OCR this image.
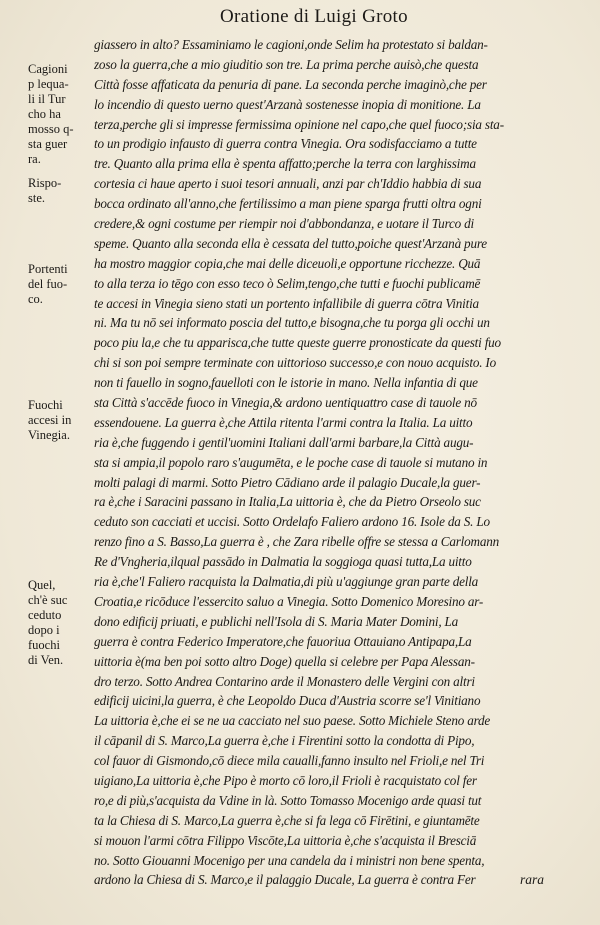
Oratione di Luigi Groto
Cagioni
p lequa-
li il Tur
cho ha
mosso q-
sta guer
ra.
Rispo-
ste.
Portenti
del fuo-
co.
Fuochi
accesi in
Vinegia.
Quel,
ch'è suc
ceduto
dopo i
fuochi
di Ven.
giassero in alto? Essaminiamo le cagioni,onde Selim ha protestato si baldan-
zoso la guerra,che a mio giuditio son tre. La prima perche auisò,che questa
Città fosse affaticata da penuria di pane. La seconda perche imaginò,che per
lo incendio di questo uerno quest'Arzanà sostenesse inopia di monitione. La
terza,perche gli si impresse fermissima opinione nel capo,che quel fuoco;sia sta-
to un prodigio infausto di guerra contra Vinegia. Ora sodisfacciamo a tutte
tre. Quanto alla prima ella è spenta affatto;perche la terra con larghissima
cortesia ci haue aperto i suoi tesori annuali, anzi par ch'Iddio habbia di sua
bocca ordinato all'anno,che fertilissimo a man piene sparga frutti oltra ogni
credere,& ogni costume per riempir noi d'abbondanza, e uotare il Turco di
speme. Quanto alla seconda ella è cessata del tutto,poiche quest'Arzanà pure
ha mostro maggior copia,che mai delle diceuoli,e opportune ricchezze. Quā
to alla terza io tēgo con esso teco ò Selim,tengo,che tutti e fuochi publicamē
te accesi in Vinegia sieno stati un portento infallibile di guerra cōtra Vinitia
ni. Ma tu nō sei informato poscia del tutto,e bisogna,che tu porga gli occhi un
poco piu la,e che tu apparisca,che tutte queste guerre pronosticate da questi fuo
chi si son poi sempre terminate con uittorioso successo,e con nouo acquisto. Io
non ti fauello in sogno,fauelloti con le istorie in mano. Nella infantia di que
sta Città s'accēde fuoco in Vinegia,& ardono uentiquattro case di tauole nō
essendouene. La guerra è,che Attila ritenta l'armi contra la Italia. La uitto
ria è,che fuggendo i gentil'uomini Italiani dall'armi barbare,la Città augu-
sta si ampia,il popolo raro s'augumēta, e le poche case di tauole si mutano in
molti palagi di marmi. Sotto Pietro Cādiano arde il palagio Ducale,la guer-
ra è,che i Saracini passano in Italia,La uittoria è, che da Pietro Orseolo suc
ceduto son cacciati et uccisi. Sotto Ordelafo Faliero ardono 16. Isole da S. Lo
renzo fino a S. Basso,La guerra è , che Zara ribelle offre se stessa a Carlomann
Re d'Vngheria,ilqual passādo in Dalmatia la soggioga quasi tutta,La uitto
ria è,che'l Faliero racquista la Dalmatia,di più u'aggiunge gran parte della
Croatia,e ricōduce l'essercito saluo a Vinegia. Sotto Domenico Moresino ar-
dono edificij priuati, e publichi nell'Isola di S. Maria Mater Domini, La
guerra è contra Federico Imperatore,che fauoriua Ottauiano Antipapa,La
uittoria è(ma ben poi sotto altro Doge) quella si celebre per Papa Alessan-
dro terzo. Sotto Andrea Contarino arde il Monastero delle Vergini con altri
edificij uicini,la guerra, è che Leopoldo Duca d'Austria scorre se'l Vinitiano
La uittoria è,che ei se ne ua cacciato nel suo paese. Sotto Michiele Steno arde
il cāpanil di S. Marco,La guerra è,che i Firentini sotto la condotta di Pipo,
col fauor di Gismondo,cō diece mila caualli,fanno insulto nel Frioli,e nel Tri
uigiano,La uittoria è,che Pipo è morto cō loro,il Frioli è racquistato col fer
ro,e di più,s'acquista da Vdine in là. Sotto Tomasso Mocenigo arde quasi tut
ta la Chiesa di S. Marco,La guerra è,che si fa lega cō Firētini, e giuntamēte
si mouon l'armi cōtra Filippo Viscōte,La uittoria è,che s'acquista il Bresciā
no. Sotto Giouanni Mocenigo per una candela da i ministri non bene spenta,
ardono la Chiesa di S. Marco,e il palaggio Ducale, La guerra è contra Fer	rara
